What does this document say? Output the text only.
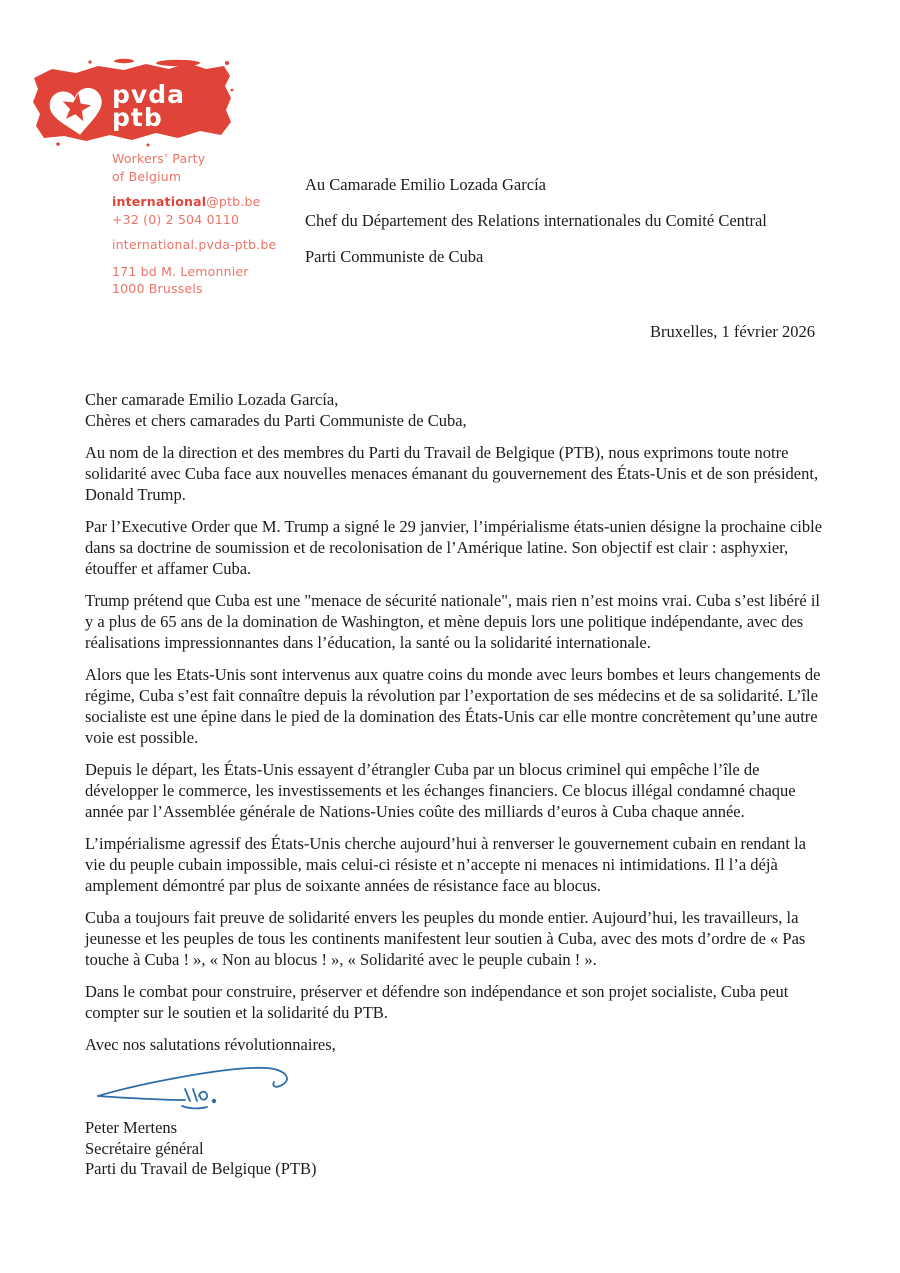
pvda
ptb
Workers’ Party
of Belgium
international@ptb.be
+32 (0) 2 504 0110
international.pvda-ptb.be
171 bd M. Lemonnier
1000 Brussels

Au Camarade Emilio Lozada García

Chef du Département des Relations internationales du Comité Central

Parti Communiste de Cuba

Bruxelles, 1 février 2026

Cher camarade Emilio Lozada García,

Chères et chers camarades du Parti Communiste de Cuba,

Au nom de la direction et des membres du Parti du Travail de Belgique (PTB), nous exprimons toute notre solidarité avec Cuba face aux nouvelles menaces émanant du gouvernement des États-Unis et de son président, Donald Trump.

Par l’Executive Order que M. Trump a signé le 29 janvier, l’impérialisme états-unien désigne la prochaine cible dans sa doctrine de soumission et de recolonisation de l’Amérique latine. Son objectif est clair : asphyxier, étouffer et affamer Cuba.

Trump prétend que Cuba est une "menace de sécurité nationale", mais rien n’est moins vrai. Cuba s’est libéré il y a plus de 65 ans de la domination de Washington, et mène depuis lors une politique indépendante, avec des réalisations impressionnantes dans l’éducation, la santé ou la solidarité internationale.

Alors que les Etats-Unis sont intervenus aux quatre coins du monde avec leurs bombes et leurs changements de régime, Cuba s’est fait connaître depuis la révolution par l’exportation de ses médecins et de sa solidarité. L’île socialiste est une épine dans le pied de la domination des États-Unis car elle montre concrètement qu’une autre voie est possible.

Depuis le départ, les États-Unis essayent d’étrangler Cuba par un blocus criminel qui empêche l’île de développer le commerce, les investissements et les échanges financiers. Ce blocus illégal condamné chaque année par l’Assemblée générale de Nations-Unies coûte des milliards d’euros à Cuba chaque année.

L’impérialisme agressif des États-Unis cherche aujourd’hui à renverser le gouvernement cubain en rendant la vie du peuple cubain impossible, mais celui-ci résiste et n’accepte ni menaces ni intimidations. Il l’a déjà amplement démontré par plus de soixante années de résistance face au blocus.

Cuba a toujours fait preuve de solidarité envers les peuples du monde entier. Aujourd’hui, les travailleurs, la jeunesse et les peuples de tous les continents manifestent leur soutien à Cuba, avec des mots d’ordre de « Pas touche à Cuba ! », « Non au blocus ! », « Solidarité avec le peuple cubain ! ».

Dans le combat pour construire, préserver et défendre son indépendance et son projet socialiste, Cuba peut compter sur le soutien et la solidarité du PTB.

Avec nos salutations révolutionnaires,

Peter Mertens

Secrétaire général

Parti du Travail de Belgique (PTB)
